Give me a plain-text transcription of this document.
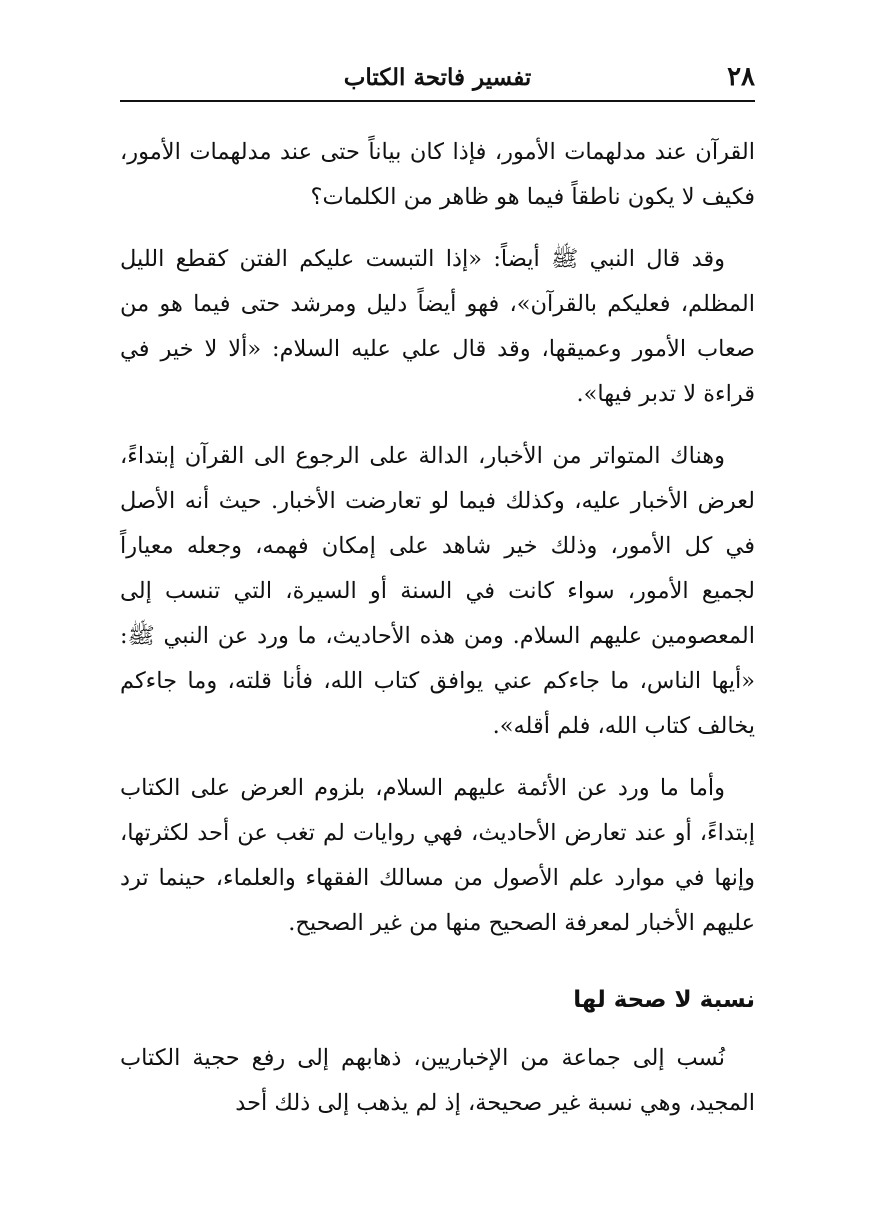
٢٨
تفسير فاتحة الكتاب

القرآن عند مدلهمات الأمور، فإذا كان بياناً حتى عند مدلهمات الأمور، فكيف لا يكون ناطقاً فيما هو ظاهر من الكلمات؟

وقد قال النبي ﷺ أيضاً: «إذا التبست عليكم الفتن كقطع الليل المظلم، فعليكم بالقرآن»، فهو أيضاً دليل ومرشد حتى فيما هو من صعاب الأمور وعميقها، وقد قال علي عليه السلام: «ألا لا خير في قراءة لا تدبر فيها».

وهناك المتواتر من الأخبار، الدالة على الرجوع الى القرآن إبتداءً، لعرض الأخبار عليه، وكذلك فيما لو تعارضت الأخبار. حيث أنه الأصل في كل الأمور، وذلك خير شاهد على إمكان فهمه، وجعله معياراً لجميع الأمور، سواء كانت في السنة أو السيرة، التي تنسب إلى المعصومين عليهم السلام. ومن هذه الأحاديث، ما ورد عن النبي ﷺ: «أيها الناس، ما جاءكم عني يوافق كتاب الله، فأنا قلته، وما جاءكم يخالف كتاب الله، فلم أقله».

وأما ما ورد عن الأئمة عليهم السلام، بلزوم العرض على الكتاب إبتداءً، أو عند تعارض الأحاديث، فهي روايات لم تغب عن أحد لكثرتها، وإنها في موارد علم الأصول من مسالك الفقهاء والعلماء، حينما ترد عليهم الأخبار لمعرفة الصحيح منها من غير الصحيح.

نسبة لا صحة لها

نُسب إلى جماعة من الإخباريين، ذهابهم إلى رفع حجية الكتاب المجيد، وهي نسبة غير صحيحة، إذ لم يذهب إلى ذلك أحد
